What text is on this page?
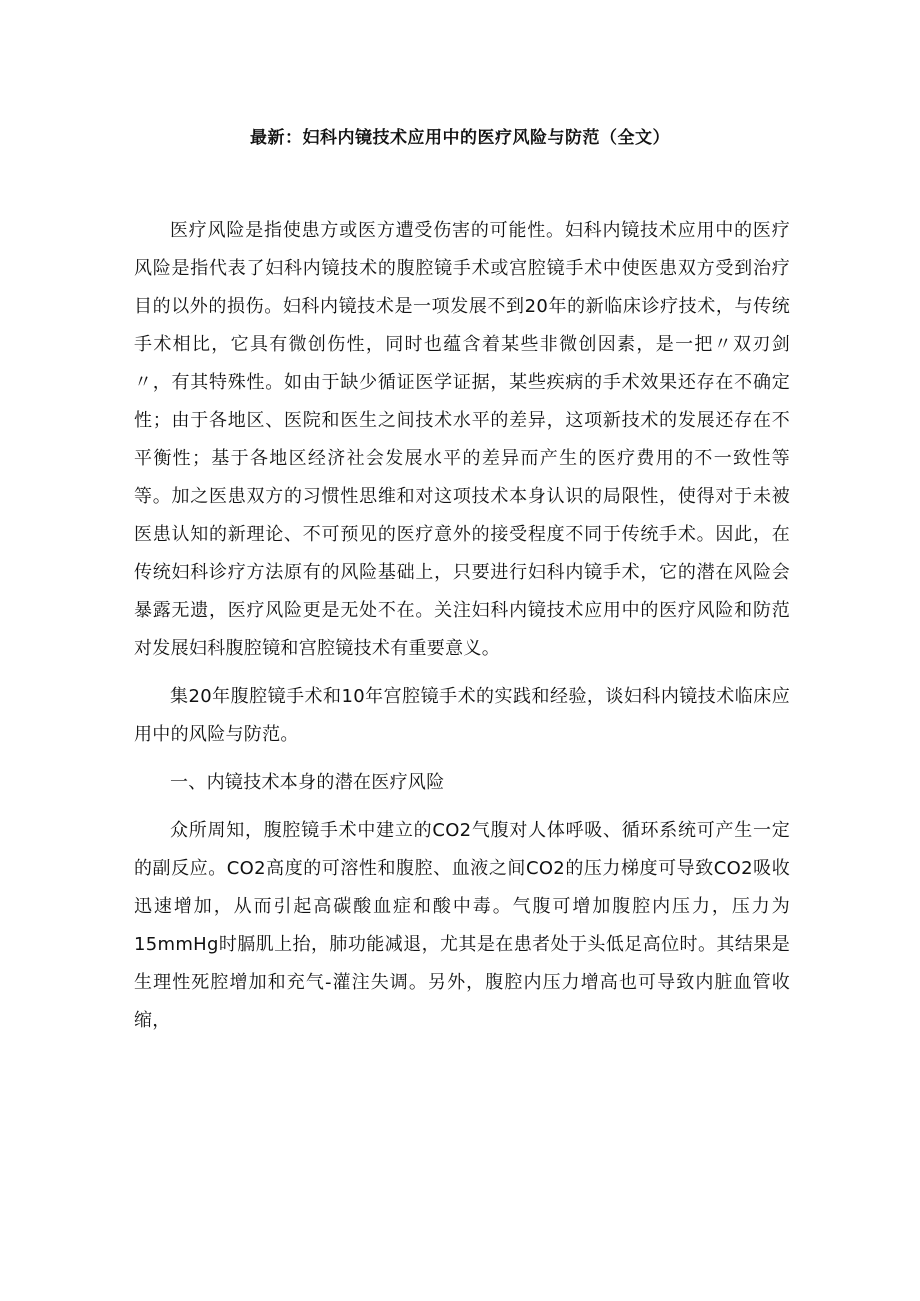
最新：妇科内镜技术应用中的医疗风险与防范（全文）

医疗风险是指使患方或医方遭受伤害的可能性。妇科内镜技术应用中的医疗风险是指代表了妇科内镜技术的腹腔镜手术或宫腔镜手术中使医患双方受到治疗目的以外的损伤。妇科内镜技术是一项发展不到20年的新临床诊疗技术，与传统手术相比，它具有微创伤性，同时也蕴含着某些非微创因素，是一把〃双刃剑〃，有其特殊性。如由于缺少循证医学证据，某些疾病的手术效果还存在不确定性；由于各地区、医院和医生之间技术水平的差异，这项新技术的发展还存在不平衡性；基于各地区经济社会发展水平的差异而产生的医疗费用的不一致性等等。加之医患双方的习惯性思维和对这项技术本身认识的局限性，使得对于未被医患认知的新理论、不可预见的医疗意外的接受程度不同于传统手术。因此，在传统妇科诊疗方法原有的风险基础上，只要进行妇科内镜手术，它的潜在风险会暴露无遗，医疗风险更是无处不在。关注妇科内镜技术应用中的医疗风险和防范对发展妇科腹腔镜和宫腔镜技术有重要意义。

集20年腹腔镜手术和10年宫腔镜手术的实践和经验，谈妇科内镜技术临床应用中的风险与防范。

一、内镜技术本身的潜在医疗风险

众所周知，腹腔镜手术中建立的CO2气腹对人体呼吸、循环系统可产生一定的副反应。CO2高度的可溶性和腹腔、血液之间CO2的压力梯度可导致CO2吸收迅速增加，从而引起高碳酸血症和酸中毒。气腹可增加腹腔内压力，压力为15mmHg时膈肌上抬，肺功能减退，尤其是在患者处于头低足高位时。其结果是生理性死腔增加和充气-灌注失调。另外，腹腔内压力增高也可导致内脏血管收缩，
